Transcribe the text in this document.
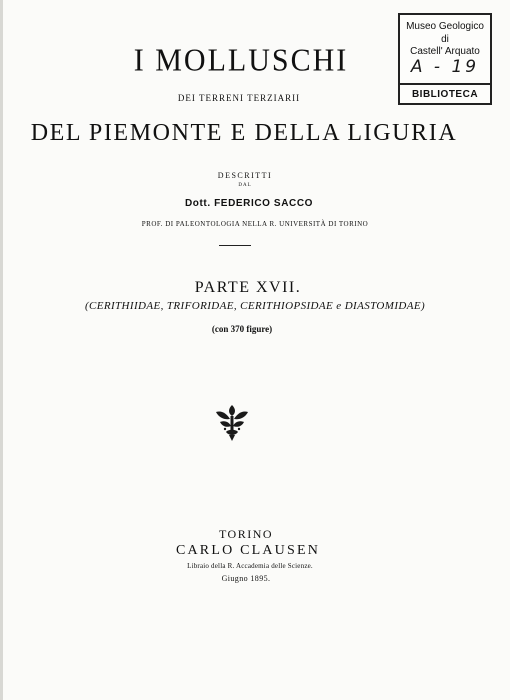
I MOLLUSCHI
DEI TERRENI TERZIARII
DEL PIEMONTE E DELLA LIGURIA
DESCRITTI
DAL
Dott. FEDERICO SACCO
PROF. DI PALEONTOLOGIA NELLA R. UNIVERSITÀ DI TORINO
PARTE XVII.
(CERITHIIDAE, TRIFORIDAE, CERITHIOPSIDAE e DIASTOMIDAE)
(con 370 figure)
TORINO
CARLO CLAUSEN
Libraio della R. Accademia delle Scienze.
Giugno 1895.
Museo Geologico
di
Castell' Arquato
A - 19
BIBLIOTECA
